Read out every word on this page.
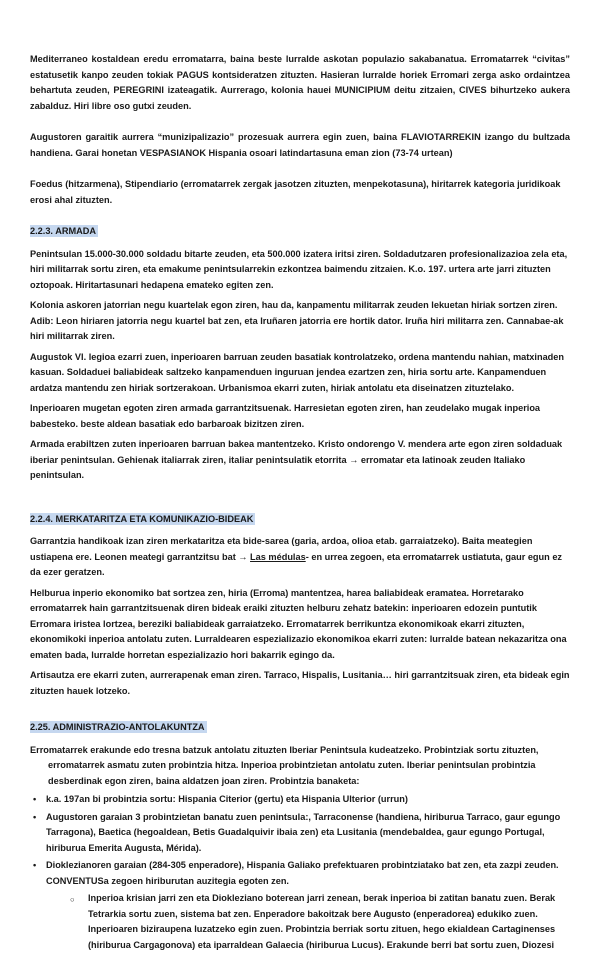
Mediterraneo kostaldean eredu erromatarra, baina beste lurralde askotan populazio sakabanatua. Erromatarrek “civitas” estatusetik kanpo zeuden tokiak PAGUS kontsideratzen zituzten. Hasieran lurralde horiek Erromari zerga asko ordaintzea behartuta zeuden, PEREGRINI izateagatik. Aurrerago, kolonia hauei MUNICIPIUM deitu zitzaien, CIVES bihurtzeko aukera zabalduz. Hiri libre oso gutxi zeuden.

Augustoren garaitik aurrera “munizipalizazio” prozesuak aurrera egin zuen, baina FLAVIOTARREKIN izango du bultzada handiena. Garai honetan VESPASIANOK Hispania osoari latindartasuna eman zion (73-74 urtean)

Foedus (hitzarmena), Stipendiario (erromatarrek zergak jasotzen zituzten, menpekotasuna), hiritarrek kategoria juridikoak erosi ahal zituzten.

2.2.3. ARMADA

Penintsulan 15.000-30.000 soldadu bitarte zeuden, eta 500.000 izatera iritsi ziren. Soldadutzaren profesionalizazioa zela eta, hiri militarrak sortu ziren, eta emakume penintsularrekin ezkontzea baimendu zitzaien. K.o. 197. urtera arte jarri zituzten oztopoak. Hiritartasunari hedapena emateko egiten zen.

Kolonia askoren jatorrian negu kuartelak egon ziren, hau da, kanpamentu militarrak zeuden lekuetan hiriak sortzen ziren. Adib: Leon hiriaren jatorria negu kuartel bat zen, eta Iruñaren jatorria ere hortik dator. Iruña hiri militarra zen. Cannabae-ak hiri militarrak ziren.

Augustok VI. legioa ezarri zuen, inperioaren barruan zeuden basatiak kontrolatzeko, ordena mantendu nahian, matxinaden kasuan. Soldaduei baliabideak saltzeko kanpamenduen inguruan jendea ezartzen zen, hiria sortu arte. Kanpamenduen ardatza mantendu zen hiriak sortzerakoan. Urbanismoa ekarri zuten, hiriak antolatu eta diseinatzen zituztelako.

Inperioaren mugetan egoten ziren armada garrantzitsuenak. Harresietan egoten ziren, han zeudelako mugak inperioa babesteko. beste aldean basatiak edo barbaroak bizitzen ziren.

Armada erabiltzen zuten inperioaren barruan bakea mantentzeko. Kristo ondorengo V. mendera arte egon ziren soldaduak iberiar penintsulan. Gehienak italiarrak ziren, italiar penintsulatik etorrita → erromatar eta latinoak zeuden Italiako penintsulan.

2.2.4. MERKATARITZA ETA KOMUNIKAZIO-BIDEAK

Garrantzia handikoak izan ziren merkataritza eta bide-sarea (garia, ardoa, olioa etab. garraiatzeko). Baita meategien ustiapena ere. Leonen meategi garrantzitsu bat → Las médulas- en urrea zegoen, eta erromatarrek ustiatuta, gaur egun ez da ezer geratzen.

Helburua inperio ekonomiko bat sortzea zen, hiria (Erroma) mantentzea, harea baliabideak eramatea. Horretarako erromatarrek hain garrantzitsuenak diren bideak eraiki zituzten helburu zehatz batekin: inperioaren edozein puntutik Erromara iristea lortzea, bereziki baliabideak garraiatzeko. Erromatarrek berrikuntza ekonomikoak ekarri zituzten, ekonomikoki inperioa antolatu zuten. Lurraldearen espezializazio ekonomikoa ekarri zuten: lurralde batean nekazaritza ona ematen bada, lurralde horretan espezializazio hori bakarrik egingo da.

Artisautza ere ekarri zuten, aurrerapenak eman ziren. Tarraco, Hispalis, Lusitania… hiri garrantzitsuak ziren, eta bideak egin zituzten hauek lotzeko.

2.25. ADMINISTRAZIO-ANTOLAKUNTZA

Erromatarrek erakunde edo tresna batzuk antolatu zituzten Iberiar Penintsula kudeatzeko. Probintziak sortu zituzten, erromatarrek asmatu zuten probintzia hitza. Inperioa probintzietan antolatu zuten. Iberiar penintsulan probintzia desberdinak egon ziren, baina aldatzen joan ziren. Probintzia banaketa:

• k.a. 197an bi probintzia sortu: Hispania Citerior (gertu) eta Hispania Ulterior (urrun)
• Augustoren garaian 3 probintzietan banatu zuen penintsula:, Tarraconense (handiena, hiriburua Tarraco, gaur egungo Tarragona), Baetica (hegoaldean, Betis Guadalquivir ibaia zen) eta Lusitania (mendebaldea, gaur egungo Portugal, hiriburua Emerita Augusta, Mérida).
• Dioklezianoren garaian (284-305 enperadore), Hispania Galiako prefektuaren probintziatako bat zen, eta zazpi zeuden. CONVENTUSa zegoen hiriburutan auzitegia egoten zen.
○ Inperioa krisian jarri zen eta Diokleziano boterean jarri zenean, berak inperioa bi zatitan banatu zuen. Berak Tetrarkia sortu zuen, sistema bat zen. Enperadore bakoitzak bere Augusto (enperadorea) edukiko zuen. Inperioaren biziraupena luzatzeko egin zuen. Probintzia berriak sortu zituen, hego ekialdean Cartaginenses (hiriburua Cargagonova) eta iparraldean Galaecia (hiriburua Lucus). Erakunde berri bat sortu zuen, Diozesi
